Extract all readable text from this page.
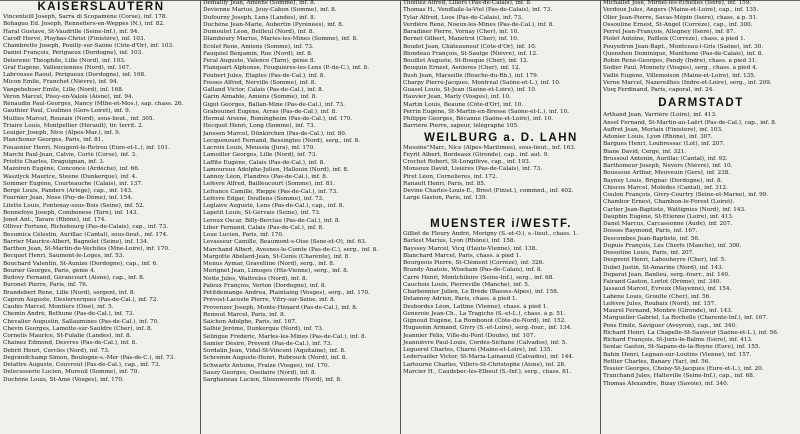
KAISERSLAUTERN
Vincenteill Joseph, Sarra di Scopamène (Corse), inf. 178.
Bohaguo Ed. Joseph, Rennefiers-en-Weppes (N.), inf. 82.
Haral Gustave, St-Vaudrille (Seine-Inf.), inf. 94.
Caroff Hervé, Ploybas-Christ (Finistère), inf. 103.
Chambrette Joseph, Pouilly-sur-Saône (Côte-d'Or), inf. 103.
Daniel François, Périgueux (Dordogne), inf. 103.
Delerenic Théophile, Lille (Nord), inf. 103.
Graf Eugène, Vallenciennes (Nord), inf. 167.
Labrousse Raoul, Périgueux (Dordogne), inf. 108.
Micon Emile, Franchet (Nièvre), inf. 94.
Vangeheboer Emile, Lille (Nord), inf. 168.
Véron Marcel, Pissy-en-Valois (Aisne), inf. 94.
Rénaudin Paul-Georges, Nancy (Mthe-et-Mos.), sap. chass. 26.
Gauthier Paul, Coulinos (Gers-Loiret), inf. 9.
Mullies Marcel, Rouzaix (Nord), sous-lieut., inf. 305.
Triaire Louis, Montpellier (Hérault), tir. territ. 2.
Leuiger Joseph, Nice (Alpes-Mar.), inf. 9.
Planchoner Georges, Paris, inf. 81.
Fouasnier Henri, Nougent-le-Retrou (Eure-et-L.), inf. 101.
Marchi Paul-Jean, Calvie, Corté (Corse), inf. 3.
Priotto Charles, Draguignan, inf. 3.
Mazoiren Eugène, Conconce (Ardèche), inf. 66.
Waszlyck Maurice, Steene (Dunkerque), inf. 4.
Sommer Eugène, Courteauche (Calais), inf. 137.
Bergé Louis, Panders (Ariège), cap., inf. 143.
Fournier Jean, Nose (Puy-de-Dôme), inf. 154.
Lilette Louis, Fontenay-sous-Bois (Seine), inf. 52.
Bonnefoye Joseph, Combonese (Tarn), inf. 143.
Jonot Ant., Tarare (Rhône), inf. 174.
Olliver Fortuné, Richebourg (Pas-de-Calais), cap., inf. 73.
Besumica Célestin, Aurillac (Cantal), sous-lieut., inf. 174.
Barrier Maurice-Albert, Bagnolet (Seine), inf. 134.
Barthen Jean, St-Martin-de-Vechiles (Mne-Loire), inf. 170.
Becquet Henri, Saumont-le-Loges, inf. 53.
Bouchard Valentin, St-Aunize (Dordogne), cap., inf. 6.
Bourier Georges, Paris, génie 4.
Budovy Fernand, Gérancourt (Aisne), cap., inf. 8.
Buronet Pierre, Paris, inf. 76.
Brandebert René, Lille (Nord), sergent, inf. 8.
Capron Auguste, Eleslerverques (Pas-de-Cal.), inf. 72.
Caubis Marcel, Montiers (Oise), inf. 5.
Chemin André, Bethune (Pas-de-Cal.), inf. 73.
Chevalier Augustin, Sallaumines (Pas-de-Cal.), inf. 70.
Chevin Georges, Lamotte-sur-Sauldre (Cher), inf. 8.
Cornelis Maurice, St-Fulalie (Landes), inf. 8.
Chainez Edmond, Desvres (Pas-de-Cal.), inf. 8.
Debrit Henri, Cercles (Nord), inf. 73.
Degrandchamp Simon, Boulogne-s.-Mer (Pas-de-C.), inf. 73.
Delattre Auguste, Couvrout (Pas-de-Cal.), cap., inf. 73.
Delecusserie Lucien, Mureuil (Somme), inf. 70.
Duchêne Louis, St-Amé (Vosges), inf. 170.
Demailly Jean, Amiens (Somme), inf. 8.
Devienne Marius, Jouy-Cabon (Somme), inf. 8.
Dufourny Joseph, Lens (Landes), inf. 8.
Duchêne Jean-Marie, Aubertin (Pyrénées), inf. 8.
Dumoutet Léon, Beilleul (Nord), inf. 8.
Dlamboury Marius, Maries-les-Mines (Somme), inf. 8.
Ecolef René, Amiens (Somme), inf. 73.
Fauquiel Benjamin, Roe (Nord), inf. 8.
Feral Auguste, Valence (Tarn), génie 8.
Flanquart Alphonse, Fouquières-les-Lens (P.-de-C.), inf. 8.
Foubert Jules, Étaples (Pas-de-Cal.), inf. 8.
Fosses Alfred, Nerville (Somme), inf. 8.
Galland Victor, Calais (Pas-de-Cal.), inf. 8.
Garin Aimable, Amiens (Somme), inf. 8.
Gigot Georges, Ballan-Mine (Pas-de-Cal.), inf. 73.
Grabouinet Eugène, Arras (Pas-de-Cal.), inf. 8.
Hermal Arsène, Romingheim (Pas-de-Cal.), inf. 170.
Hecquet Henri, Long (Somme), inf. 73.
Janssen Marcel, Dünkirchen (Pas-de-Cal.), inf. 80.
Lecquenouet Fernand, Bessingtes (Nord), serg., inf. 8.
Lacroix Louis, Meussia (Jura), inf. 170.
Lamoiller Georges, Lille (Nord), inf. 73.
Laffite Eugène, Calais (Pas-de-Cal.), inf. 8.
Lamoureux Adolphe-Julien, Hallouin (Nord), inf. 8.
Lannoy Léon, Flandres (Pas-de-Cal.), inf. 8.
Lefèvre Alfred, Bailleucourt (Somme), inf. 81.
Lefrance Camille, Rieppe (Pas-de-Cal.), inf. 73.
Lefèvre Edgar, Doullens (Somme), inf. 73.
Leglaive Auguste, Lens (Pas-de-Cal.), cap., inf. 8.
Lapetit Louis, St-Gervais (Seine), inf. 73.
Leroux Oscar, Billy-Berclau (Pas-de-Cal.), inf. 8.
Liber Fernand, Calais (Pas-de-Cal.), inf. 8.
Loue Lucien, Paris, inf. 170.
Levasseur Camille, Beaumont-s-Oise (Ssne-et-O), inf. 63.
Marchand Albert, Avesnes-le-Comte (Pas-de-C.), serg., inf. 8.
Margotte Abélard-Jean, St-Cenis (Charente), inf. 8.
Menus Aymar, Graveliine (Nord), serg., inf. 8.
Merignet Jean, Limoges (Hte-Vienne), serg., inf. 8.
Notte Jules, Wattrelos (Nord), inf. 8.
Paleux François, Verton (Dordogne), inf. 8.
Petitdemange Andrea, Plaintaing (Vosges), serg., inf. 170.
Prévost-Lacoste Pierre, Vitry-sur-Seine, inf. 8.
Provenzer Joseph, Monte-Hénard (Pas-de-Cal.), inf. 8.
Remout Marcel, Paris, inf. 8.
Saichon Adolphe, Paris, inf. 167.
Salhié Jérôme, Dunkerque (Nord), inf. 73.
Selingue Frédéric, Marles-les-Mines (Pas-de-Cal.), inf. 8.
Samier Désiré, Prévent (Pas-de-Cal.), inf. 73.
Sordalin Jean, Vidal-St-Vincent (Aquitaine), inf. 8.
Schremm Auguste-Henri, Rubrouck (Nord), inf. 8.
Schwartz Antoine, Fraize (Vosges), inf. 170.
Sauzy Georges, Oseilaire (Nord), inf. 8.
Sarghaneau Lucien, Steenwoorde (Nord), inf. 8.
Thoillez Alfred, Lillers (Pas-de-Calais), inf. 8.
Thomas H., Vendlaile-la-Viel (Pas-de-Calais), inf. 73.
Tylar Alfred, Loos (Pas-de-Calais), inf. 73.
Verdière René, Noeux-les-Mines (Pas-de-Cal.), inf. 8.
Baradiner Pierre, Vornay (Cher), inf. 10.
Bernet Gilbert, Manétrol (Cher), inf. 10.
Boudot Jean, Châteauneuf (Côte-d'Or), inf. 10.
Blondeau François, St-Saulge (Nièvre), inf. 12.
Bouillet Auguste, St-Bouque (Cher), inf. 12.
Bouquin Ernest, Asnières (Cher), inf. 12.
Bush Jean, Marseille (Bouche-du-Rh.), inf. 179.
Charpy Pierre-Jacques, Montréal (Saône-et-L.), inf. 10.
Guasel Louis, St-Jean (Saône-et-Loire), inf. 10.
Hauvier Jean, Marly (Vosges), inf. 10.
Martin Louis, Beaune (Côte-d'Or), inf. 10.
Perrin Eugène, St-Martin-en-Bresse (Saône-et-L.), inf. 10.
Philippe Georges, Bécanne (Saône-et-Loire), inf. 10.
Barrière Pierre, sapeur, télégraphe 105.
WEILBURG a. D. LAHN
Messine"Marc, Nice (Alpes-Maritimes), sous-lieut., inf. 163.
Feyrit Albert, Bordeaux (Gironde), cap., inf. aut. 9.
Crochet Robert, St-Longifève, cap., inf. 193.
Monsoux David, Lisières (Pas-de-Calais), inf. 73.
Piret Léon, Cornelieres, inf. 172.
Ranault Henri, Paris, inf. 85.
Devine Charles-Louis-E., Brest (Finist.), commnd., inf. 402.
Large Gaston, Paris, inf. 139.

MUENSTER i/WESTF.
Gilliet de Fleury André, Morigny (S.-et-O.), s.-lieut., chass. 1.
Barlest Marius, Lyon (Rhône), inf. 158.
Bayssey Marcel, Vicq (Haute-Vienne), inf. 138.
Blanchard Marcel, Paris, chass. à pied 1.
Bourgeois Pierre, St-Clément (Corrèze), inf. 326.
Brandy Anatole, Wiseham (Pas-de-Calais), inf. 8.
Carré Henri, Montchiloire (Seine-Inf.), serg., inf. 68.
Cauchois Louis, Pierreville (Manche), inf. 5.
Charbonnier Julien, Le Brède (Basses-Alpes), inf. 158.
Delannoy Adrien, Paris, chass. à pied 1.
Desbordes Léon, Lattine (Vienne), chass. à pied 1.
Generoie Jean-Ch., La Tragiche (S.-et-L.), chass. à p. 51.
Gignoud Eugène, La Rombonot (Côte-du-Nord), inf. 152.
Huguenin Armand, Givry (S.-et-Loire), serg.-four., inf. 134.
Jeannier Félix, Ville-du-Pont (Doubs), inf. 107.
Jeannièvre Paul-Louis, Cordès-Sichane (Calvados), inf. 5.
Leguerel Charles, Charni (Maine-et-Loire), inf. 135.
Ledervaiiler Victor, St-Maria-Lainaeuil (Calvados), inf. 144.
Lartourne Charles, Villers-St-Christophe (Aisne), inf. 28.
Marcier H., Caudebec-lès-Elbeuf (S.-Inf.), serg., chass. 81.
Michallet José, Mirbel-lès-Echelles (Isère), inf. 159.
Verdoux Jules, Angers (Maine-et-Loire), cap., inf. 135.
Olier Jean-Pierre, Savas-Mépin (Isère), chass. à p. 51.
Ossouline Ernest, St-Angel (Corrèze), cap., inf. 300.
Perrel Jean-François, Allegney (Isère), inf. 87.
Piolet Antoine, Pailleix (Corrèze), chass. à pied 1.
Pouyedron Jean-Bapt., Montceau-l-Gris (Saône), inf. 30.
Quenehen Dominique, Manthone (Pas-de-Calais), inf. 8.
Robin René-Georges, Pandy (Indre), chass. à pied 31.
Sodier Paul, Monnety (Vosges), serg., chass. à pied 4.
Vaillé Eugène, Villemoison (Maine-et-Loire), inf. 135.
Verne Marcel, Nazereilhes (Indre-et-Loire), serg., inf. 209.
Vioq Ferdinand, Paris, caporal, inf. 24.
DARMSTADT
Arthand Jean, Varrière (Loire), inf. 413.
Ansel Fernand, St-Martin-au-Laërt (Pas-de-Cal.), cap., inf. 8.
Auffret Jean, Morlaix (Finistère), inf. 103.
Adonier Louis, Lyon (Rhône), inf. 307.
Bargues Henri, Loubressac (Lot), inf. 207.
Biane David, Cerge, inf. 321.
Brussoul Antonin, Aurillac (Cantal), inf. 92.
Barthomeur Joseph, Nevers (Nièvre), inf. 10.
Boussoue Arthur, Meuveuin (Gers), inf. 238.
Bayney Louis, Brignac (Dordogne), inf. 8.
Chiscos Marcel, Molédes (Cantal), inf. 312.
Coulon François, Givry-Courtry (Seine-et-Marne), inf. 99.
Chambor Ernest, Chambon-le-Forest (Loiret).
Carlier Jean-Baptiste, Wattignies (Nord), inf. 143.
Dauphin Eugène, St-Etienne (Loire), inf. 413.
Danel Marcus, Carcassonne (Aude), inf. 207.
Dosses Raymond, Paris, inf. 167.
Descombes Jean-Baptiste, inf. 56.
Dupuis François, Les Cherfs (Manche), inf. 300.
Dossotine Louis, Paris, inf. 207.
Desprent Henri, Labouheyre (Cher), inf. 5.
Dubet Justin, St-Amarine (Nord), inf. 143.
Duparat Jean, Banlieu, serg.-fourr., inf. 140.
Fairand Gaston, Lorlot (Drôme), inf. 340.
Jassaud Marcel, Evreux (Mayenne), inf. 154.
Labène Louis, Groulte (Cher), inf. 56.
Lefèvre Jules, Roubaix (Nord), inf. 157.
Maurel Fernand, Monbre (Gironde), inf. 143.
Marguelier Gabriel, La Rochelle (Charente-Inf.), inf. 167.
Pons Emile, Saviguer (Aveyron), cap., inf. 340.
Richard Henri, La Chapelle-St-Sauveur (Saône-et-L.), inf. 56.
Richard François, St-Joris-le-Balme (Isère), inf. 413.
Senlac Gaston, St-Sapans-de-la-Royne (Eure), inf. 155.
Babin Henri, Legnan-sur-Loutins (Vienne), inf. 157.
Retlier Charles, Banary (Yar), inf. 56.
Tessier Georges, Choisy-St-Jacques (Eure-et-L.), inf. 20.
Tranchand Jules, Halteville (Seine-Inf.), cap., inf. 68.
Thomas Alexandre, Bizay (Savoie), inf. 340.
